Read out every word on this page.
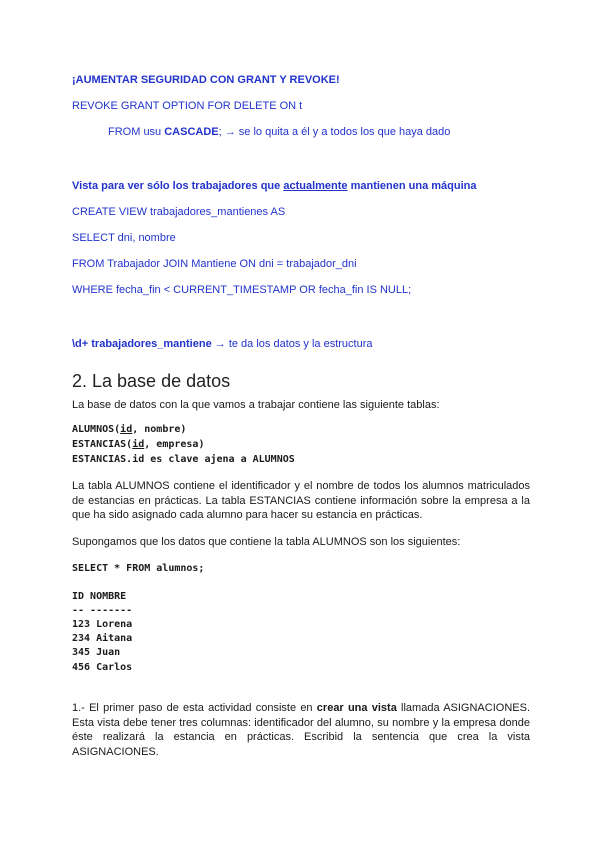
¡AUMENTAR SEGURIDAD CON GRANT Y REVOKE!
REVOKE GRANT OPTION FOR DELETE ON t
FROM usu CASCADE; → se lo quita a él y a todos los que haya dado
Vista para ver sólo los trabajadores que actualmente mantienen una máquina
CREATE VIEW trabajadores_mantienes AS
SELECT dni, nombre
FROM Trabajador JOIN Mantiene ON dni = trabajador_dni
WHERE fecha_fin < CURRENT_TIMESTAMP OR fecha_fin IS NULL;
\d+ trabajadores_mantiene → te da los datos y la estructura
2. La base de datos
La base de datos con la que vamos a trabajar contiene las siguiente tablas:
ALUMNOS(id, nombre)
ESTANCIAS(id, empresa)
ESTANCIAS.id es clave ajena a ALUMNOS
La tabla ALUMNOS contiene el identificador y el nombre de todos los alumnos matriculados de estancias en prácticas. La tabla ESTANCIAS contiene información sobre la empresa a la que ha sido asignado cada alumno para hacer su estancia en prácticas.
Supongamos que los datos que contiene la tabla ALUMNOS son los siguientes:
SELECT * FROM alumnos;
ID NOMBRE
-- -------
123 Lorena
234 Aitana
345 Juan
456 Carlos
1.- El primer paso de esta actividad consiste en crear una vista llamada ASIGNACIONES. Esta vista debe tener tres columnas: identificador del alumno, su nombre y la empresa donde éste realizará la estancia en prácticas. Escribid la sentencia que crea la vista ASIGNACIONES.
